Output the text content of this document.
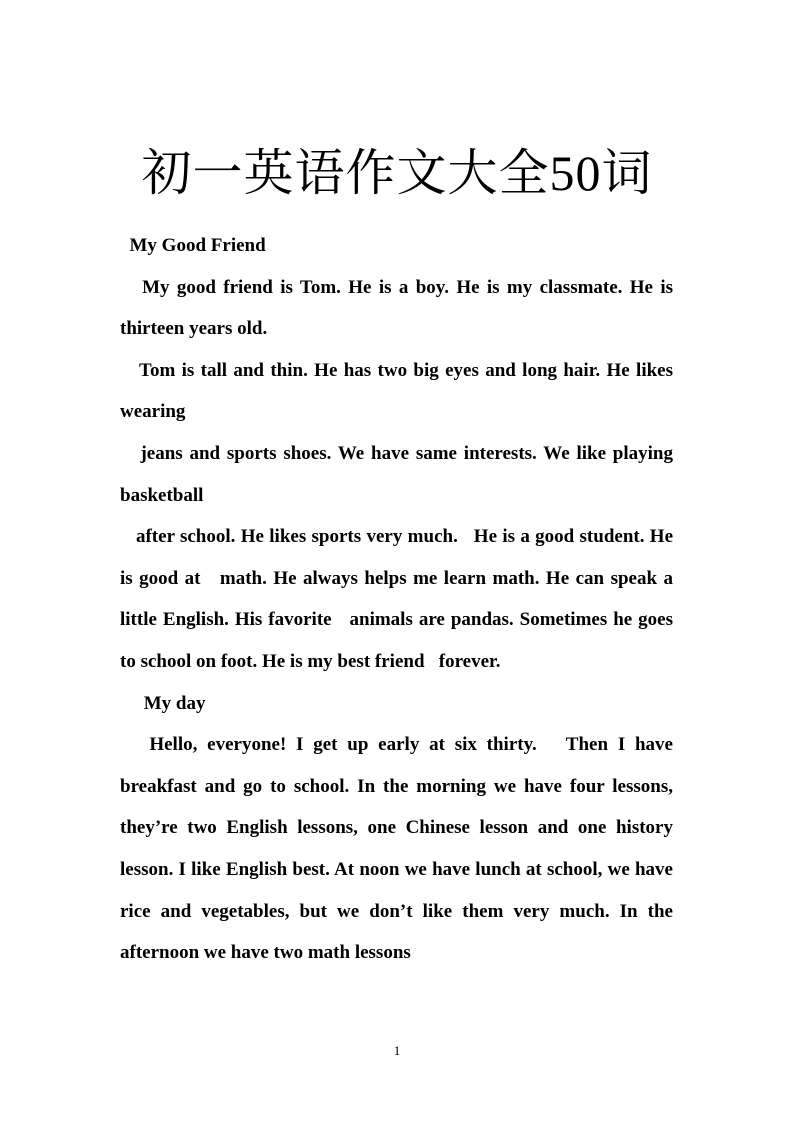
初一英语作文大全50词

My Good Friend

My good friend is Tom. He is a boy. He is my classmate. He is thirteen years old.

Tom is tall and thin. He has two big eyes and long hair. He likes wearing

jeans and sports shoes. We have same interests. We like playing basketball

after school. He likes sports very much.   He is a good student. He is good at   math. He always helps me learn math. He can speak a little English. His favorite   animals are pandas. Sometimes he goes to school on foot. He is my best friend   forever.

My day

Hello, everyone! I get up early at six thirty.   Then I have breakfast and go to school. In the morning we have four lessons, they’re two English lessons, one Chinese lesson and one history lesson. I like English best. At noon we have lunch at school, we have rice and vegetables, but we don’t like them very much. In the afternoon we have two math lessons

1
